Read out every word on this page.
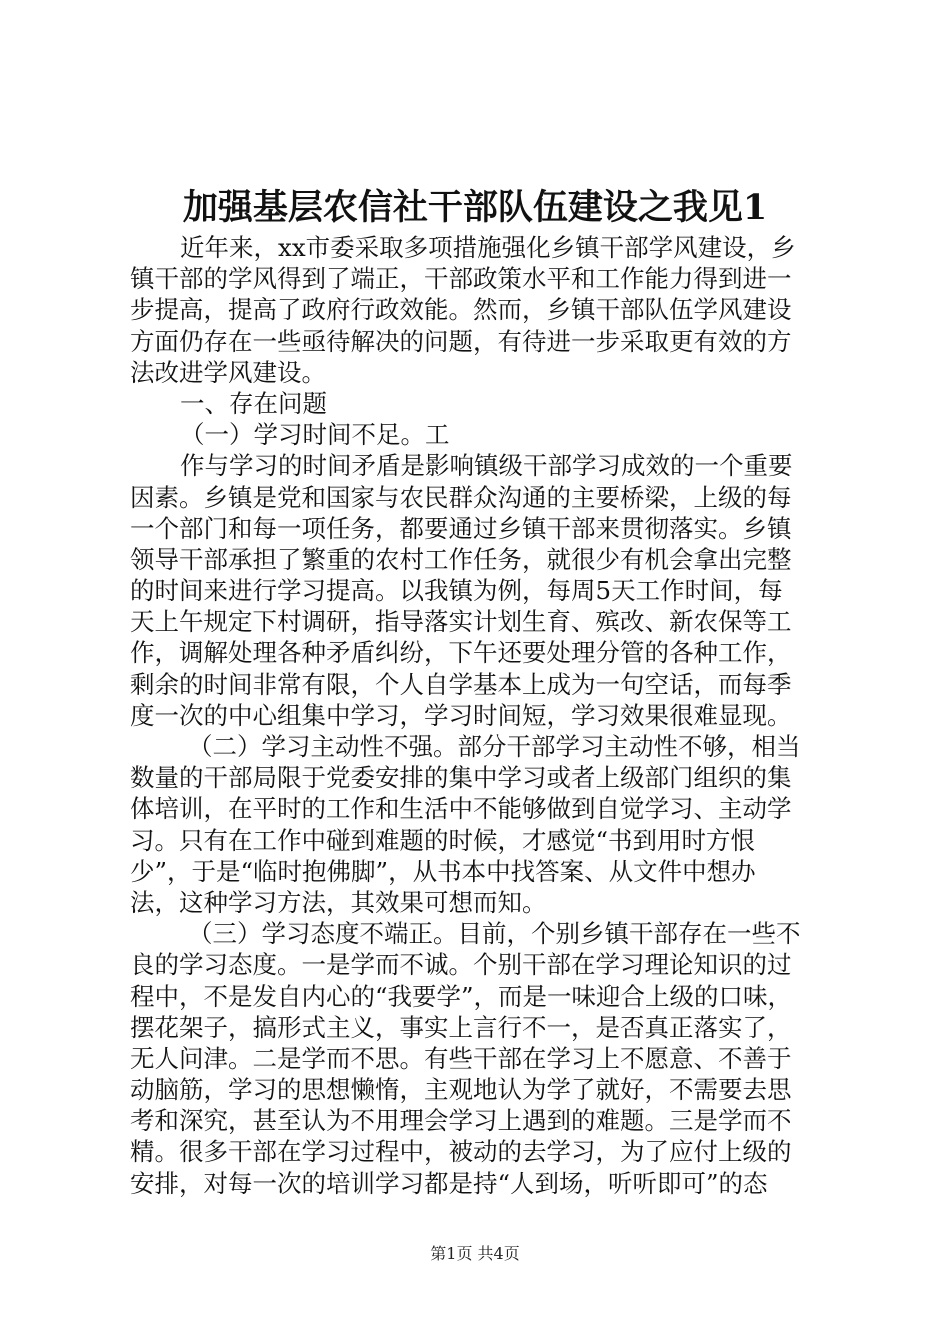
加强基层农信社干部队伍建设之我见1
近年来，xx市委采取多项措施强化乡镇干部学风建设，乡
镇干部的学风得到了端正，干部政策水平和工作能力得到进一
步提高，提高了政府行政效能。然而，乡镇干部队伍学风建设
方面仍存在一些亟待解决的问题，有待进一步采取更有效的方
法改进学风建设。
一、存在问题
（一）学习时间不足。工
作与学习的时间矛盾是影响镇级干部学习成效的一个重要
因素。乡镇是党和国家与农民群众沟通的主要桥梁，上级的每
一个部门和每一项任务，都要通过乡镇干部来贯彻落实。乡镇
领导干部承担了繁重的农村工作任务，就很少有机会拿出完整
的时间来进行学习提高。以我镇为例，每周5天工作时间，每
天上午规定下村调研，指导落实计划生育、殡改、新农保等工
作，调解处理各种矛盾纠纷，下午还要处理分管的各种工作，
剩余的时间非常有限，个人自学基本上成为一句空话，而每季
度一次的中心组集中学习，学习时间短，学习效果很难显现。
（二）学习主动性不强。部分干部学习主动性不够，相当
数量的干部局限于党委安排的集中学习或者上级部门组织的集
体培训，在平时的工作和生活中不能够做到自觉学习、主动学
习。只有在工作中碰到难题的时候，才感觉“书到用时方恨
少”，于是“临时抱佛脚”，从书本中找答案、从文件中想办
法，这种学习方法，其效果可想而知。
（三）学习态度不端正。目前，个别乡镇干部存在一些不
良的学习态度。一是学而不诚。个别干部在学习理论知识的过
程中，不是发自内心的“我要学”，而是一味迎合上级的口味，
摆花架子，搞形式主义，事实上言行不一，是否真正落实了，
无人问津。二是学而不思。有些干部在学习上不愿意、不善于
动脑筋，学习的思想懒惰，主观地认为学了就好，不需要去思
考和深究，甚至认为不用理会学习上遇到的难题。三是学而不
精。很多干部在学习过程中，被动的去学习，为了应付上级的
安排，对每一次的培训学习都是持“人到场，听听即可”的态
第1页 共4页
